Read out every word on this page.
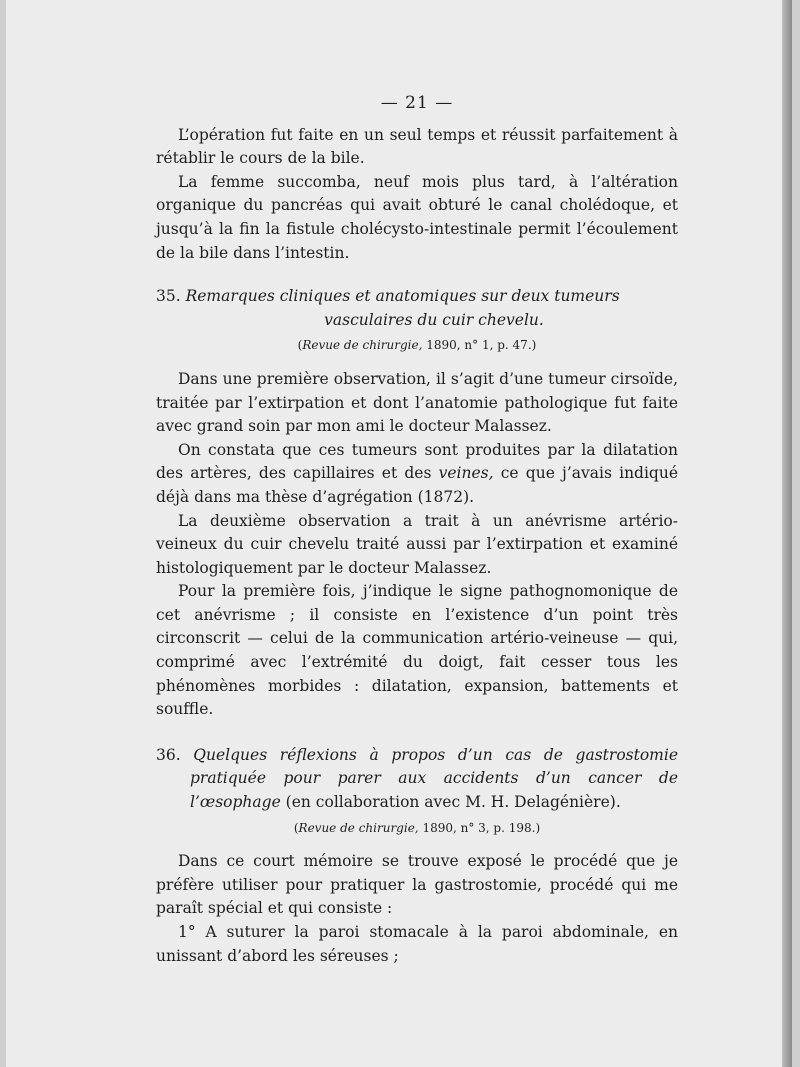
— 21 —

L’opération fut faite en un seul temps et réussit parfaitement à rétablir le cours de la bile.

La femme succomba, neuf mois plus tard, à l’altération organique du pancréas qui avait obturé le canal cholédoque, et jusqu’à la fin la fistule cholécysto-intestinale permit l’écoulement de la bile dans l’intestin.

35. Remarques cliniques et anatomiques sur deux tumeurs
vasculaires du cuir chevelu.
(Revue de chirurgie, 1890, n° 1, p. 47.)

Dans une première observation, il s’agit d’une tumeur cirsoïde, traitée par l’extirpation et dont l’anatomie pathologique fut faite avec grand soin par mon ami le docteur Malassez.

On constata que ces tumeurs sont produites par la dilatation des artères, des capillaires et des veines, ce que j’avais indiqué déjà dans ma thèse d’agrégation (1872).

La deuxième observation a trait à un anévrisme artério-veineux du cuir chevelu traité aussi par l’extirpation et examiné histologiquement par le docteur Malassez.

Pour la première fois, j’indique le signe pathognomonique de cet anévrisme ; il consiste en l’existence d’un point très circonscrit — celui de la communication artério-veineuse — qui, comprimé avec l’extrémité du doigt, fait cesser tous les phénomènes morbides : dilatation, expansion, battements et souffle.

36. Quelques réflexions à propos d’un cas de gastrostomie pratiquée pour parer aux accidents d’un cancer de l’œsophage (en collaboration avec M. H. Delagénière).
(Revue de chirurgie, 1890, n° 3, p. 198.)

Dans ce court mémoire se trouve exposé le procédé que je préfère utiliser pour pratiquer la gastrostomie, procédé qui me paraît spécial et qui consiste :

1° A suturer la paroi stomacale à la paroi abdominale, en unissant d’abord les séreuses ;
